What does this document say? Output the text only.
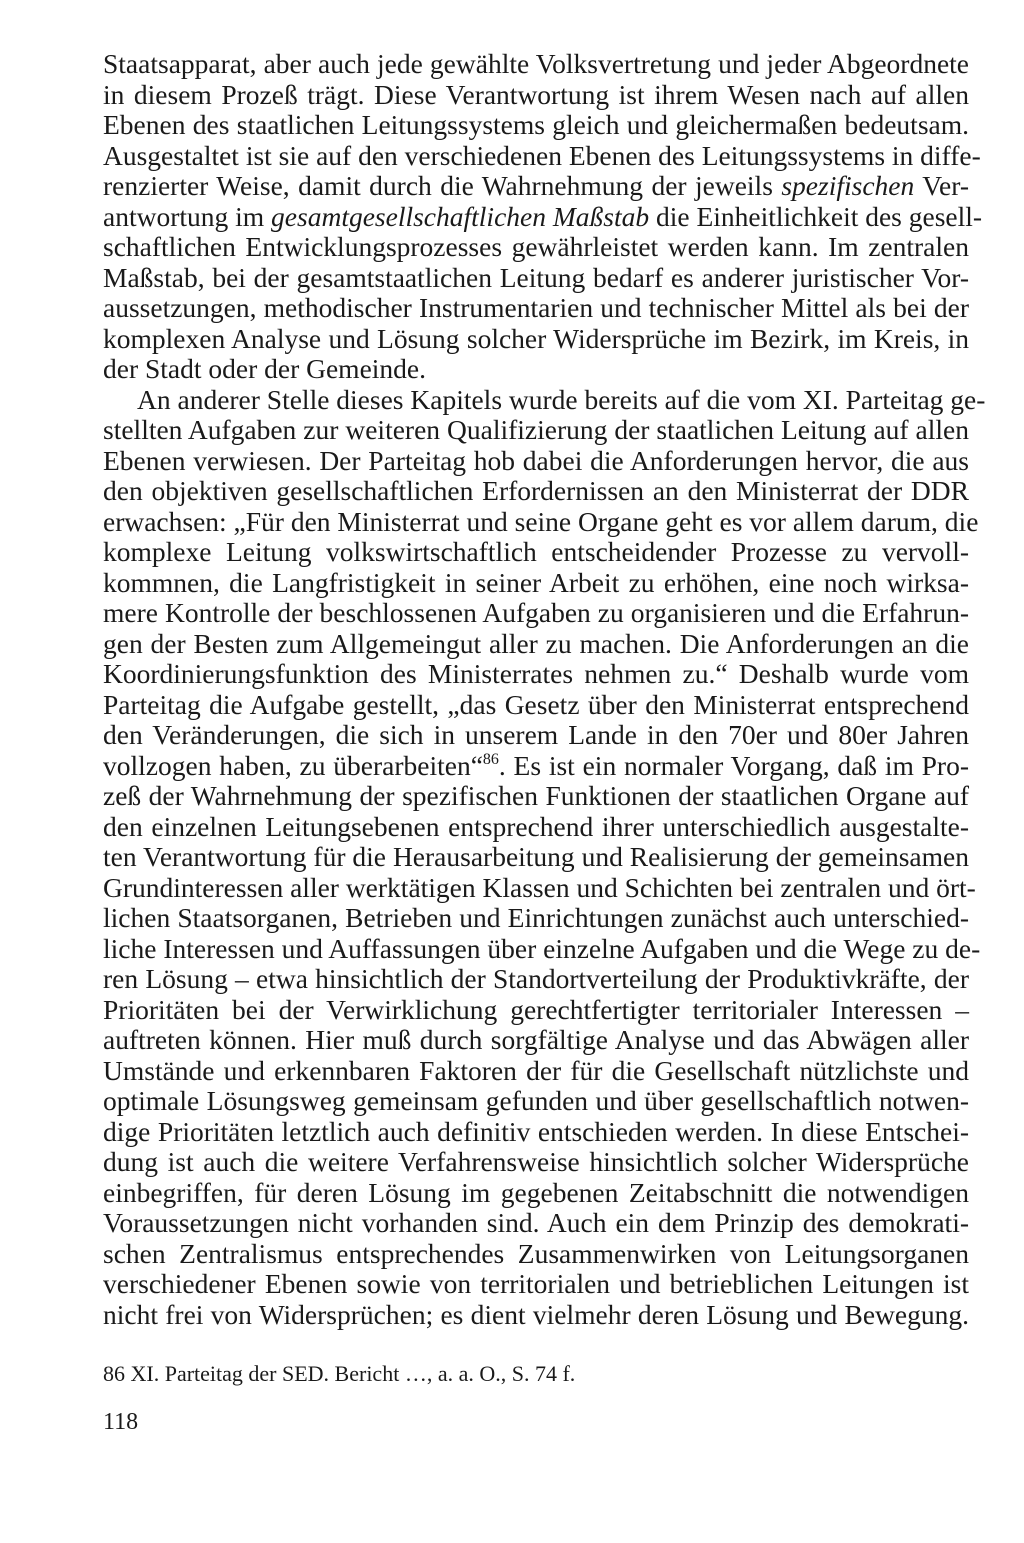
Staatsapparat, aber auch jede gewählte Volksvertretung und jeder Abgeordnete
in diesem Prozeß trägt. Diese Verantwortung ist ihrem Wesen nach auf allen
Ebenen des staatlichen Leitungssystems gleich und gleichermaßen bedeutsam.
Ausgestaltet ist sie auf den verschiedenen Ebenen des Leitungssystems in diffe-
renzierter Weise, damit durch die Wahrnehmung der jeweils spezifischen Ver-
antwortung im gesamtgesellschaftlichen Maßstab die Einheitlichkeit des gesell-
schaftlichen Entwicklungsprozesses gewährleistet werden kann. Im zentralen
Maßstab, bei der gesamtstaatlichen Leitung bedarf es anderer juristischer Vor-
aussetzungen, methodischer Instrumentarien und technischer Mittel als bei der
komplexen Analyse und Lösung solcher Widersprüche im Bezirk, im Kreis, in
der Stadt oder der Gemeinde.
An anderer Stelle dieses Kapitels wurde bereits auf die vom XI. Parteitag ge-
stellten Aufgaben zur weiteren Qualifizierung der staatlichen Leitung auf allen
Ebenen verwiesen. Der Parteitag hob dabei die Anforderungen hervor, die aus
den objektiven gesellschaftlichen Erfordernissen an den Ministerrat der DDR
erwachsen: „Für den Ministerrat und seine Organe geht es vor allem darum, die
komplexe Leitung volkswirtschaftlich entscheidender Prozesse zu vervoll-
kommnen, die Langfristigkeit in seiner Arbeit zu erhöhen, eine noch wirksa-
mere Kontrolle der beschlossenen Aufgaben zu organisieren und die Erfahrun-
gen der Besten zum Allgemeingut aller zu machen. Die Anforderungen an die
Koordinierungsfunktion des Ministerrates nehmen zu.“ Deshalb wurde vom
Parteitag die Aufgabe gestellt, „das Gesetz über den Ministerrat entsprechend
den Veränderungen, die sich in unserem Lande in den 70er und 80er Jahren
vollzogen haben, zu überarbeiten“$^{86}$. Es ist ein normaler Vorgang, daß im Pro-
zeß der Wahrnehmung der spezifischen Funktionen der staatlichen Organe auf
den einzelnen Leitungsebenen entsprechend ihrer unterschiedlich ausgestalte-
ten Verantwortung für die Herausarbeitung und Realisierung der gemeinsamen
Grundinteressen aller werktätigen Klassen und Schichten bei zentralen und ört-
lichen Staatsorganen, Betrieben und Einrichtungen zunächst auch unterschied-
liche Interessen und Auffassungen über einzelne Aufgaben und die Wege zu de-
ren Lösung – etwa hinsichtlich der Standortverteilung der Produktivkräfte, der
Prioritäten bei der Verwirklichung gerechtfertigter territorialer Interessen –
auftreten können. Hier muß durch sorgfältige Analyse und das Abwägen aller
Umstände und erkennbaren Faktoren der für die Gesellschaft nützlichste und
optimale Lösungsweg gemeinsam gefunden und über gesellschaftlich notwen-
dige Prioritäten letztlich auch definitiv entschieden werden. In diese Entschei-
dung ist auch die weitere Verfahrensweise hinsichtlich solcher Widersprüche
einbegriffen, für deren Lösung im gegebenen Zeitabschnitt die notwendigen
Voraussetzungen nicht vorhanden sind. Auch ein dem Prinzip des demokrati-
schen Zentralismus entsprechendes Zusammenwirken von Leitungsorganen
verschiedener Ebenen sowie von territorialen und betrieblichen Leitungen ist
nicht frei von Widersprüchen; es dient vielmehr deren Lösung und Bewegung.
86 XI. Parteitag der SED. Bericht …, a. a. O., S. 74 f.
118
